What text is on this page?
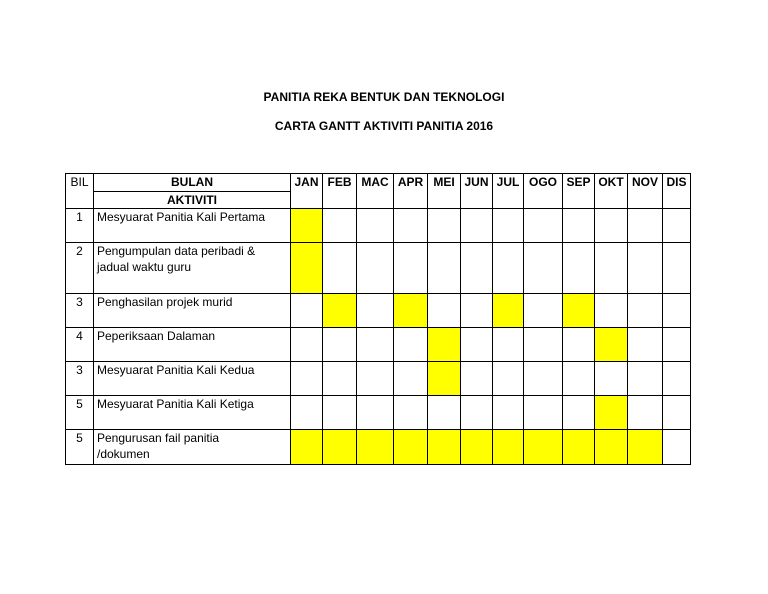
PANITIA REKA BENTUK DAN TEKNOLOGI
CARTA GANTT AKTIVITI PANITIA 2016
BIL	BULAN	JAN	FEB	MAC	APR	MEI	JUN	JUL	OGO	SEP	OKT	NOV	DIS
	AKTIVITI												
1	Mesyuarat Panitia Kali Pertama												

2	Pengumpulan data peribadi &
jadual waktu guru												

3	Penghasilan projek murid												

4	Peperiksaan Dalaman												

3	Mesyuarat Panitia Kali Kedua												

5	Mesyuarat Panitia Kali Ketiga												

5	Pengurusan fail panitia
/dokumen												
